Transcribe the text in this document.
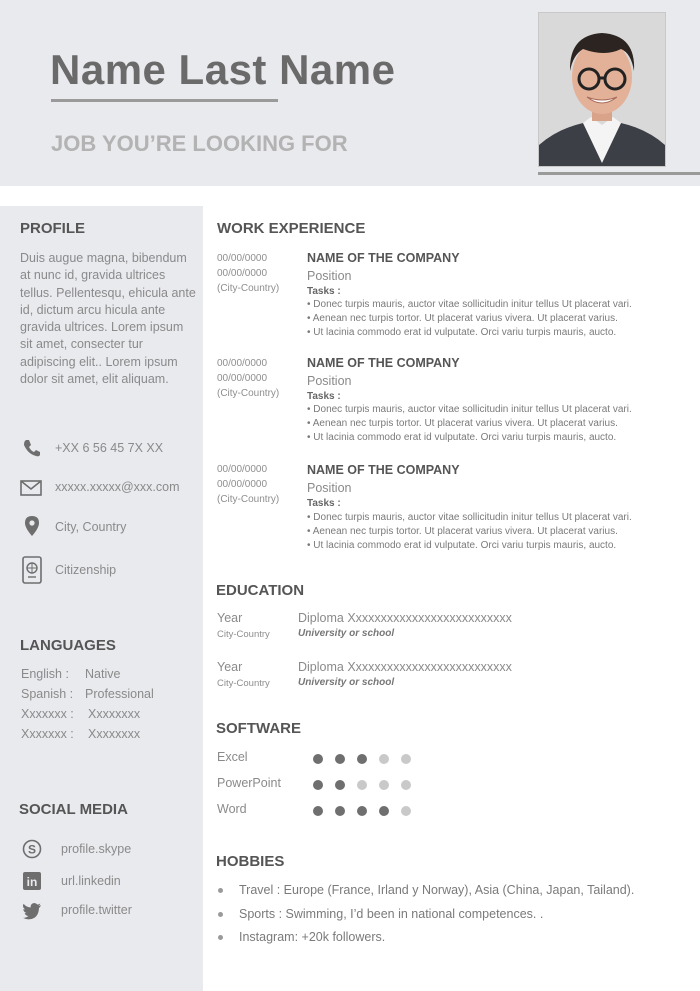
Name Last Name
JOB YOU’RE LOOKING FOR
PROFILE
Duis augue magna, bibendum at nunc id, gravida ultrices tellus. Pellentesqu, ehicula ante id, dictum arcu hicula ante gravida ultrices. Lorem ipsum sit amet, consecter tur adipiscing elit.. Lorem ipsum dolor sit amet, elit aliquam.
+XX 6 56 45 7X XX
xxxxx.xxxxx@xxx.com
City, Country
Citizenship
LANGUAGES
English : Native
Spanish : Professional
Xxxxxxx : Xxxxxxxx
Xxxxxxx : Xxxxxxxx
SOCIAL MEDIA
S profile.skype
in url.linkedin
profile.twitter
WORK EXPERIENCE
00/00/0000
00/00/0000
(City-Country)
NAME OF THE COMPANY
Position
Tasks :
• Donec turpis mauris, auctor vitae sollicitudin initur tellus Ut placerat vari.
• Aenean nec turpis tortor. Ut placerat varius vivera. Ut placerat varius.
• Ut lacinia commodo erat id vulputate. Orci variu turpis mauris, aucto.
00/00/0000
00/00/0000
(City-Country)
NAME OF THE COMPANY
Position
Tasks :
• Donec turpis mauris, auctor vitae sollicitudin initur tellus Ut placerat vari.
• Aenean nec turpis tortor. Ut placerat varius vivera. Ut placerat varius.
• Ut lacinia commodo erat id vulputate. Orci variu turpis mauris, aucto.
00/00/0000
00/00/0000
(City-Country)
NAME OF THE COMPANY
Position
Tasks :
• Donec turpis mauris, auctor vitae sollicitudin initur tellus Ut placerat vari.
• Aenean nec turpis tortor. Ut placerat varius vivera. Ut placerat varius.
• Ut lacinia commodo erat id vulputate. Orci variu turpis mauris, aucto.
EDUCATION
Year
City-Country
Diploma Xxxxxxxxxxxxxxxxxxxxxxxxxx
University or school
Year
City-Country
Diploma Xxxxxxxxxxxxxxxxxxxxxxxxxx
University or school
SOFTWARE
Excel
PowerPoint
Word
HOBBIES
Travel : Europe (France, Irland y Norway), Asia (China, Japan, Tailand).
Sports : Swimming, I’d been in national competences. .
Instagram: +20k followers.
